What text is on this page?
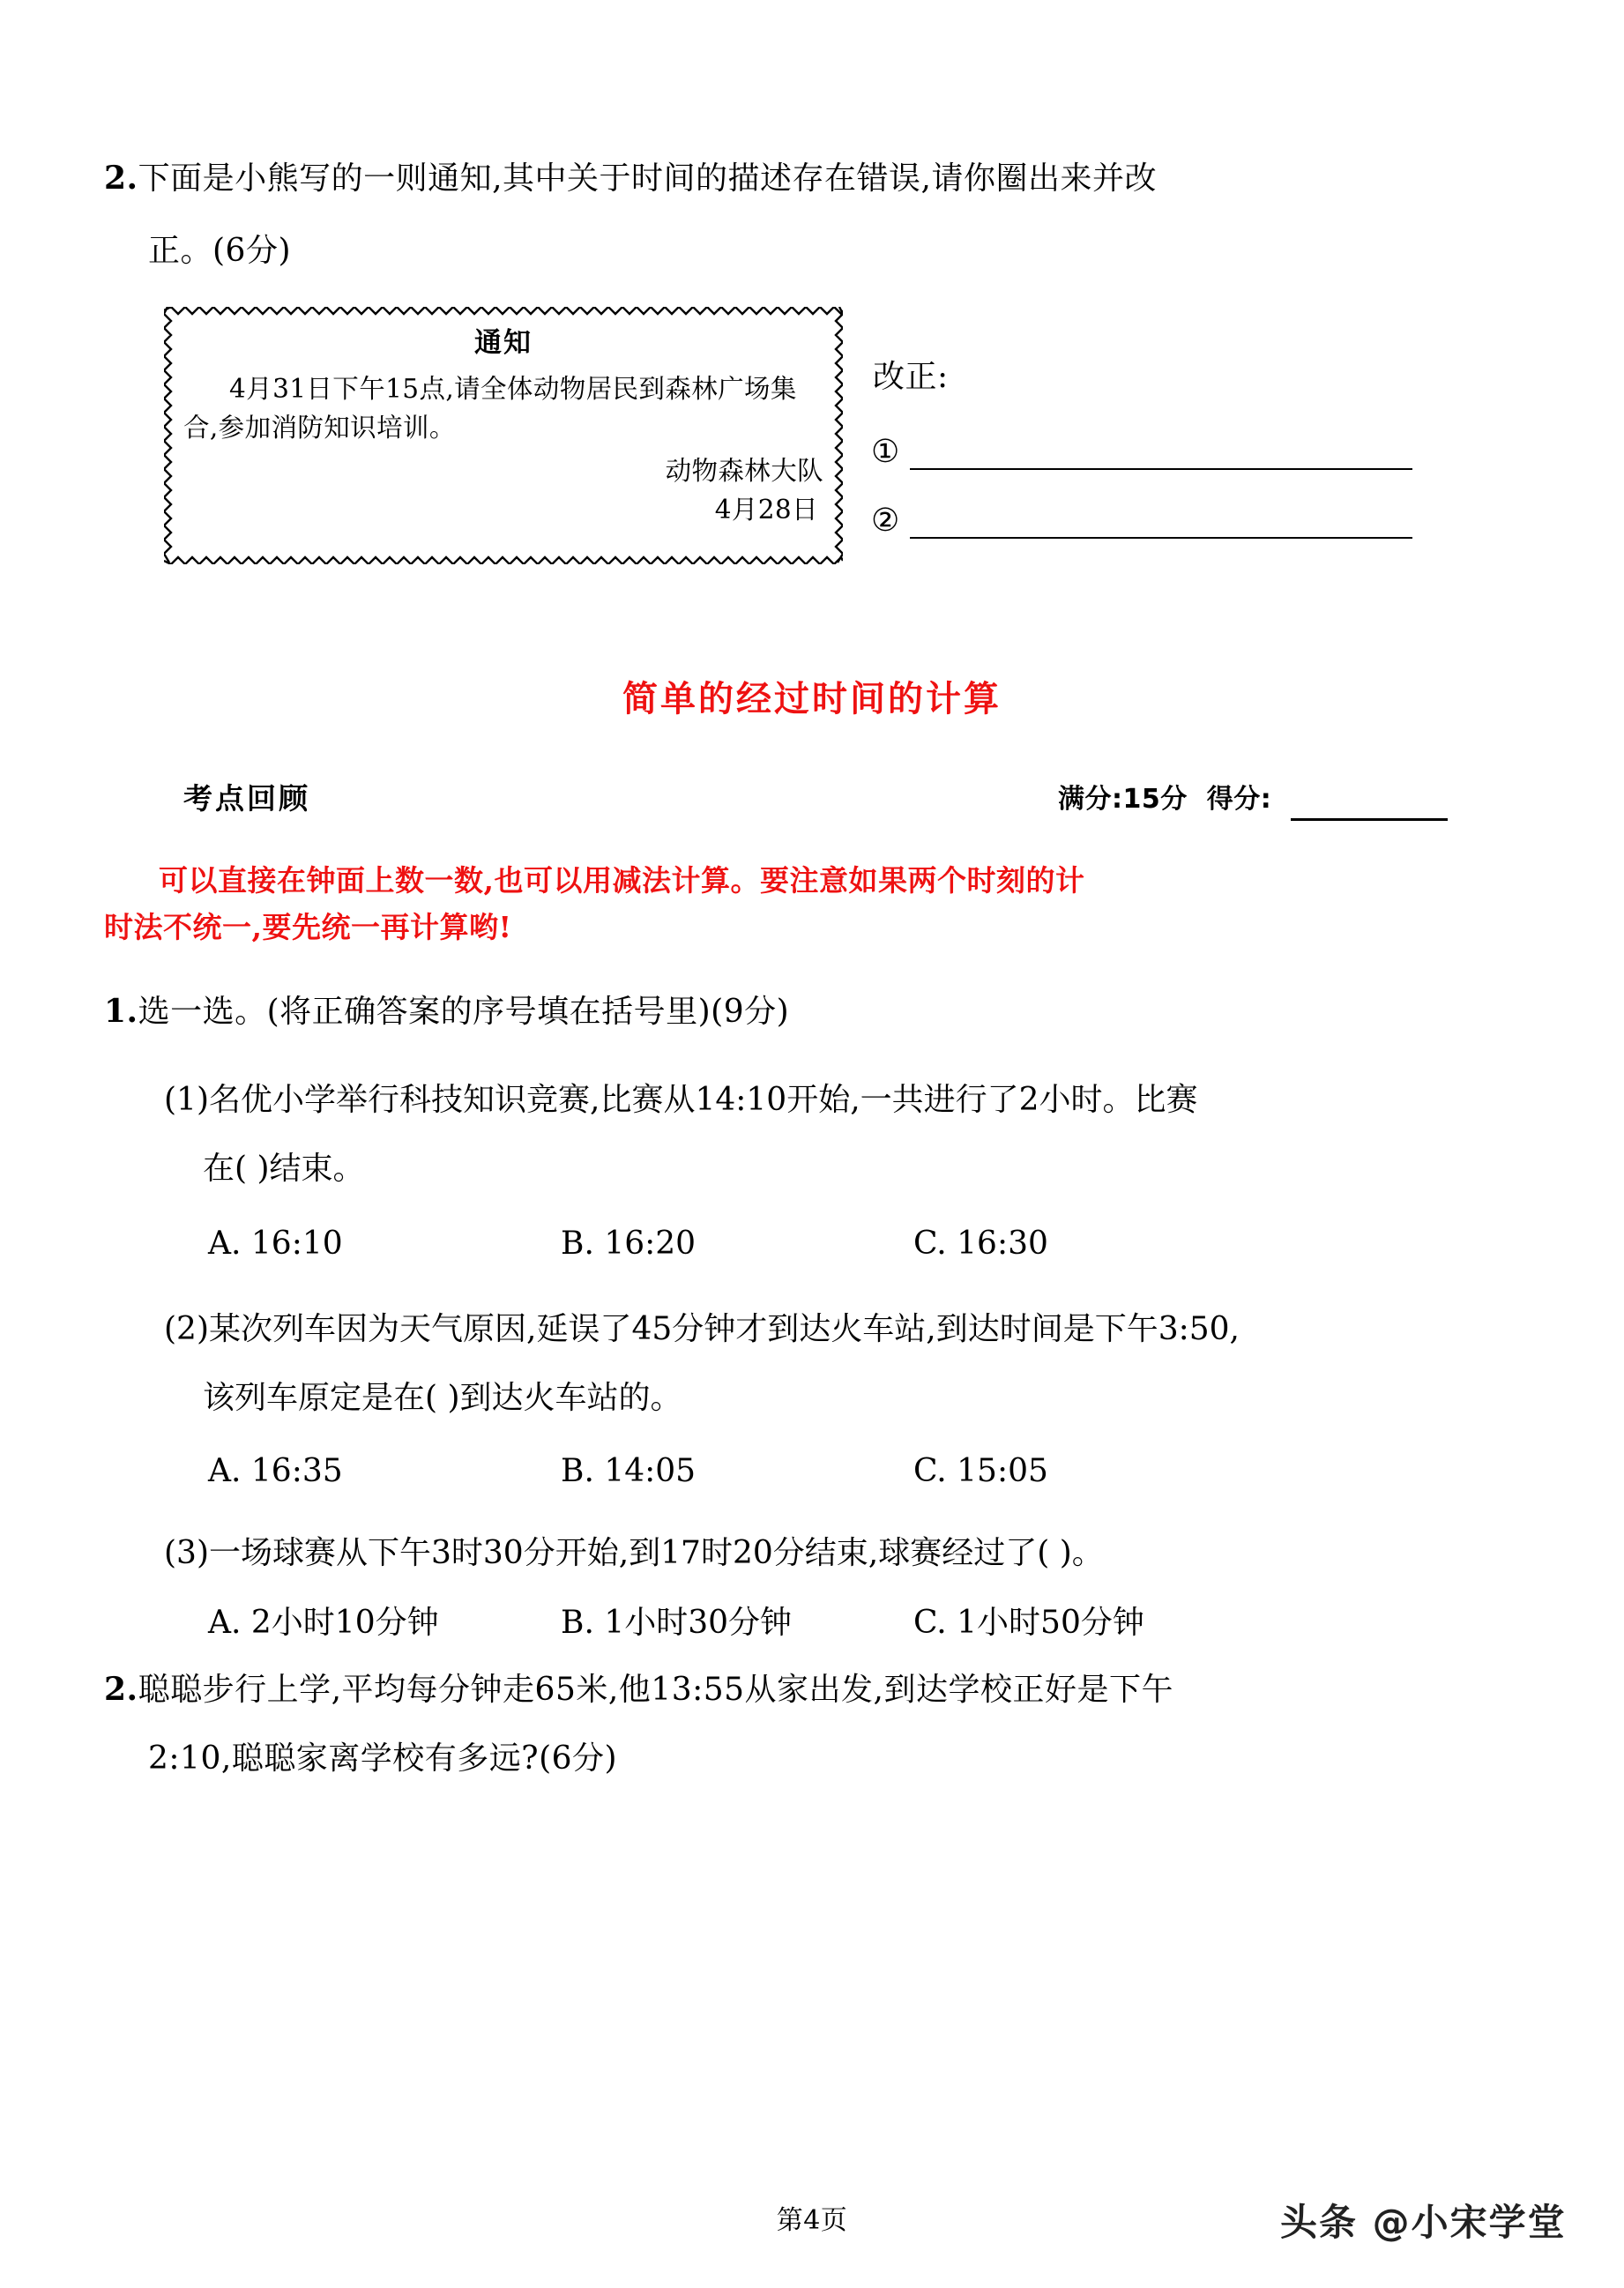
2.下面是小熊写的一则通知,其中关于时间的描述存在错误,请你圈出来并改
正。(6分)
通知
4月31日下午15点,请全体动物居民到森林广场集合,参加消防知识培训。
动物森林大队
4月28日
改正:
①
②
简单的经过时间的计算
考点回顾	满分:15分 得分:
可以直接在钟面上数一数,也可以用减法计算。要注意如果两个时刻的计
时法不统一,要先统一再计算哟!
1.选一选。(将正确答案的序号填在括号里)(9分)
(1)名优小学举行科技知识竞赛,比赛从14:10开始,一共进行了2小时。比赛
在( )结束。
A. 16:10	B. 16:20	C. 16:30
(2)某次列车因为天气原因,延误了45分钟才到达火车站,到达时间是下午3:50,
该列车原定是在( )到达火车站的。
A. 16:35	B. 14:05	C. 15:05
(3)一场球赛从下午3时30分开始,到17时20分结束,球赛经过了( )。
A. 2小时10分钟	B. 1小时30分钟	C. 1小时50分钟
2.聪聪步行上学,平均每分钟走65米,他13:55从家出发,到达学校正好是下午
2:10,聪聪家离学校有多远?(6分)
第4页	头条 @小宋学堂
